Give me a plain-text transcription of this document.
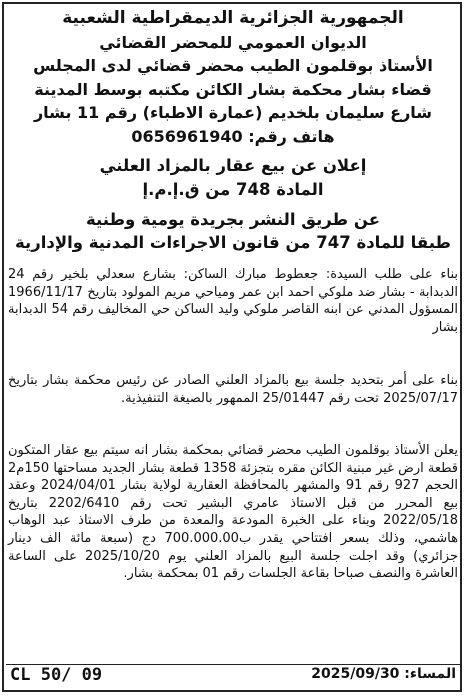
الجمهورية الجزائرية الديمقراطية الشعبية
الديوان العمومي للمحضر القضائي
الأستاذ بوقلمون الطيب محضر قضائي لدى المجلس
قضاء بشار محكمة بشار الكائن مكتبه بوسط المدينة
شارع سليمان بلخديم (عمارة الاطباء) رقم 11 بشار
هاتف رقم: 0656961940
إعلان عن بيع عقار بالمزاد العلني
المادة 748 من ق.إ.م.إ
عن طريق النشر بجريدة يومية وطنية
طبقا للمادة 747 من قانون الاجراءات المدنية والإدارية
بناء على طلب السيدة: جعطوط مبارك الساكن: بشارع سعدلي بلخير رقم 24 الدبدابة - بشار ضد ملوكي احمد ابن عمر ومياحي مريم المولود بتاريخ 1966/11/17 المسؤول المدني عن ابنه القاصر ملوكي وليد الساكن حي المخاليف رقم 54 الدبدابة بشار
بناء على أمر بتحديد جلسة بيع بالمزاد العلني الصادر عن رئيس محكمة بشار بتاريخ 2025/07/17 تحت رقم 25/01447 الممهور بالصيغة التنفيذية.
يعلن الأستاذ بوقلمون الطيب محضر قضائي بمحكمة بشار انه سيتم بيع عقار المتكون قطعة ارض غير مبنية الكائن مقره بتجزئة 1358 قطعة بشار الجديد مساحتها 150م2 الحجم 927 رقم 91 والمشهر بالمحافظة العقارية لولاية بشار 2024/04/01 وعقد بيع المحرر من قبل الاستاذ عامري البشير تحت رقم 2202/6410 بتاريخ 2022/05/18 وبناء على الخبرة المودعة والمعدة من طرف الاستاذ عبد الوهاب هاشمي، وذلك بسعر افتتاحي يقدر ب700.000.00 دج (سبعة مائة الف دينار جزائري) وقد اجلت جلسة البيع بالمزاد العلني يوم 2025/10/20 على الساعة العاشرة والنصف صباحا بقاعة الجلسات رقم 01 بمحكمة بشار.
CL 50/ 09	المساء: 2025/09/30
